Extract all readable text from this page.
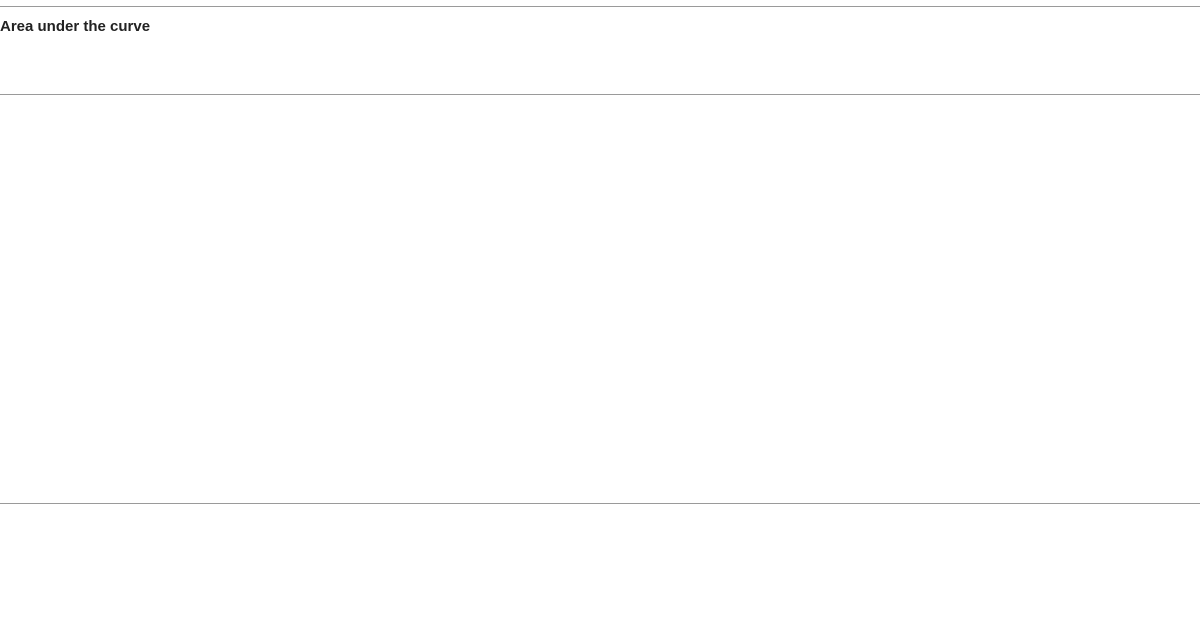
Area under the curve
